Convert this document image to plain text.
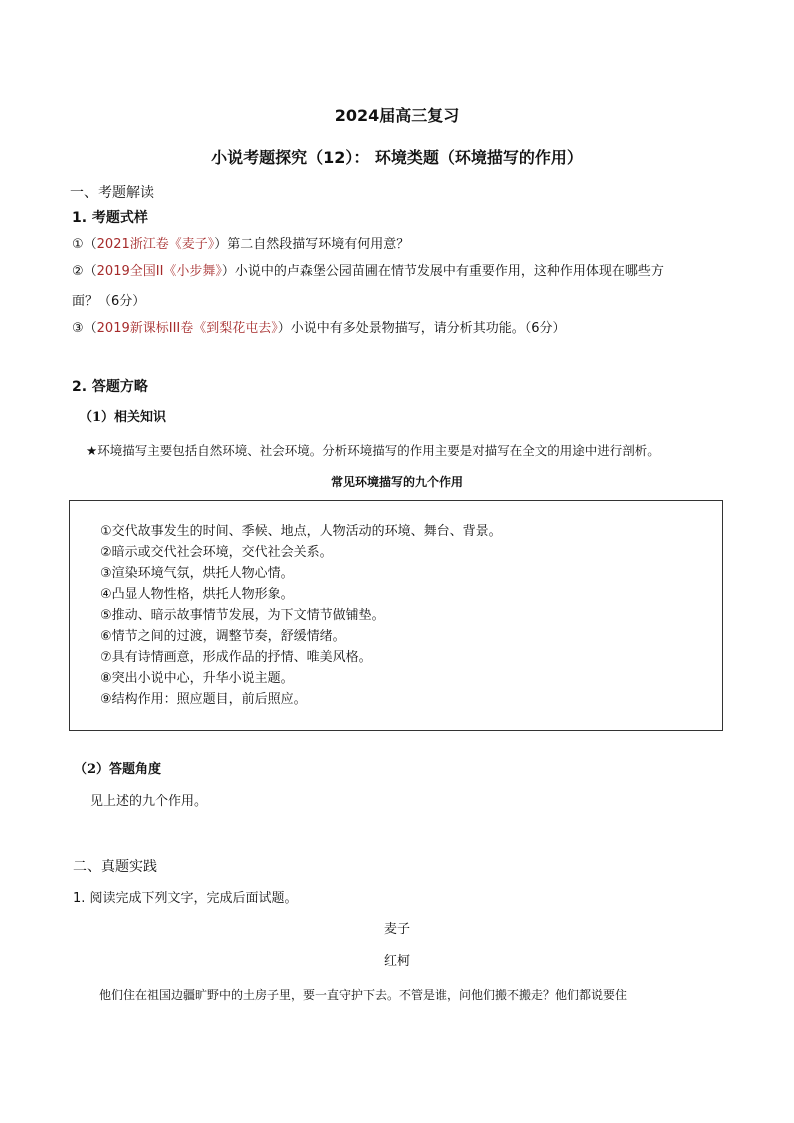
2024届高三复习
小说考题探究（12）： 环境类题（环境描写的作用）
一、考题解读
1. 考题式样
①（2021浙江卷《麦子》）第二自然段描写环境有何用意？
②（2019全国II《小步舞》）小说中的卢森堡公园苗圃在情节发展中有重要作用，这种作用体现在哪些方
面？（6分）
③（2019新课标III卷《到梨花屯去》）小说中有多处景物描写，请分析其功能。（6分）
2. 答题方略
（1）相关知识
★环境描写主要包括自然环境、社会环境。分析环境描写的作用主要是对描写在全文的用途中进行剖析。
常见环境描写的九个作用
①交代故事发生的时间、季候、地点，人物活动的环境、舞台、背景。
②暗示或交代社会环境，交代社会关系。
③渲染环境气氛，烘托人物心情。
④凸显人物性格，烘托人物形象。
⑤推动、暗示故事情节发展，为下文情节做铺垫。
⑥情节之间的过渡，调整节奏，舒缓情绪。
⑦具有诗情画意，形成作品的抒情、唯美风格。
⑧突出小说中心，升华小说主题。
⑨结构作用：照应题目，前后照应。
（2）答题角度
见上述的九个作用。
二、真题实践
1. 阅读完成下列文字，完成后面试题。
麦子
红柯
他们住在祖国边疆旷野中的土房子里，要一直守护下去。不管是谁，问他们搬不搬走？他们都说要住
